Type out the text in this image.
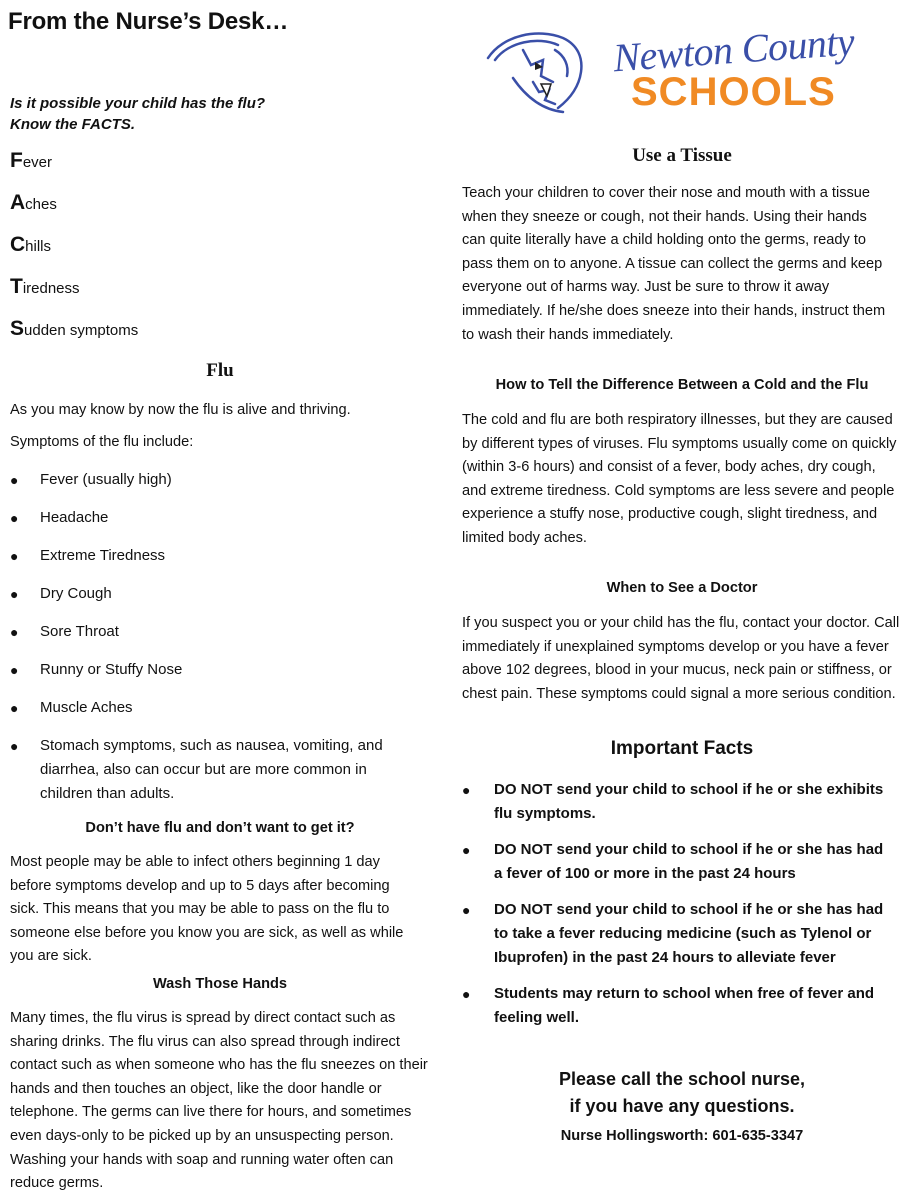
From the Nurse’s Desk…
Is it possible your child has the flu?
Know the FACTS.
Fever
Aches
Chills
Tiredness
Sudden symptoms
Flu
As you may know by now the flu is alive and thriving.
Symptoms of the flu include:
● Fever (usually high)
● Headache
● Extreme Tiredness
● Dry Cough
● Sore Throat
● Runny or Stuffy Nose
● Muscle Aches
● Stomach symptoms, such as nausea, vomiting, and diarrhea, also can occur but are more common in children than adults.
Don’t have flu and don’t want to get it?
Most people may be able to infect others beginning 1 day before symptoms develop and up to 5 days after becoming sick. This means that you may be able to pass on the flu to someone else before you know you are sick, as well as while you are sick.
Wash Those Hands
Many times, the flu virus is spread by direct contact such as sharing drinks. The flu virus can also spread through indirect contact such as when someone who has the flu sneezes on their hands and then touches an object, like the door handle or telephone. The germs can live there for hours, and sometimes even days-only to be picked up by an unsuspecting person. Washing your hands with soap and running water often can reduce germs.
Newton County
SCHOOLS
Use a Tissue
Teach your children to cover their nose and mouth with a tissue when they sneeze or cough, not their hands. Using their hands can quite literally have a child holding onto the germs, ready to pass them on to anyone. A tissue can collect the germs and keep everyone out of harms way. Just be sure to throw it away immediately. If he/she does sneeze into their hands, instruct them to wash their hands immediately.
How to Tell the Difference Between a Cold and the Flu
The cold and flu are both respiratory illnesses, but they are caused by different types of viruses. Flu symptoms usually come on quickly (within 3-6 hours) and consist of a fever, body aches, dry cough, and extreme tiredness. Cold symptoms are less severe and people experience a stuffy nose, productive cough, slight tiredness, and limited body aches.
When to See a Doctor
If you suspect you or your child has the flu, contact your doctor. Call immediately if unexplained symptoms develop or you have a fever above 102 degrees, blood in your mucus, neck pain or stiffness, or chest pain. These symptoms could signal a more serious condition.
Important Facts
● DO NOT send your child to school if he or she exhibits flu symptoms.
● DO NOT send your child to school if he or she has had a fever of 100 or more in the past 24 hours
● DO NOT send your child to school if he or she has had to take a fever reducing medicine (such as Tylenol or Ibuprofen) in the past 24 hours to alleviate fever
● Students may return to school when free of fever and feeling well.
Please call the school nurse,
if you have any questions.
Nurse Hollingsworth: 601-635-3347
